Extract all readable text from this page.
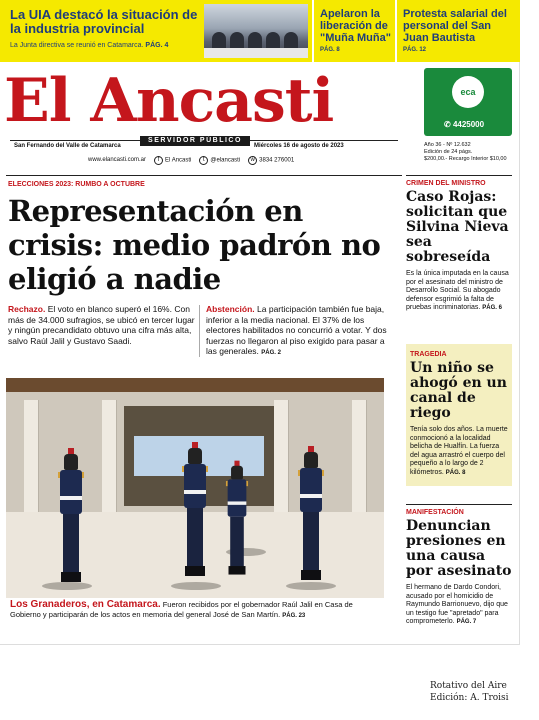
La UIA destacó la situación de la industria provincial
La Junta directiva se reunió en Catamarca. PÁG. 4
Apelaron la liberación de "Muña Muña"
PÁG. 8
Protesta salarial del personal del San Juan Bautista
PÁG. 12
El Ancasti
SERVIDOR PÚBLICO
San Fernando del Valle de Catamarca	Miércoles 16 de agosto de 2023
www.elancasti.com.ar	f El Ancasti	t @elancasti	w 3834 276001
eca
✆ 4425000
Año 36 - Nº 12.632
Edición de 24 págs.
$200,00.- Recargo Interior $10,00
ELECCIONES 2023: RUMBO A OCTUBRE
Representación en crisis: medio padrón no eligió a nadie
Rechazo. El voto en blanco superó el 16%. Con más de 34.000 sufragios, se ubicó en tercer lugar y ningún precandidato obtuvo una cifra más alta, salvo Raúl Jalil y Gustavo Saadi.
Abstención. La participación también fue baja, inferior a la media nacional. El 37% de los electores habilitados no concurrió a votar. Y dos fuerzas no llegaron al piso exigido para pasar a las generales. PÁG. 2
Los Granaderos, en Catamarca. Fueron recibidos por el gobernador Raúl Jalil en Casa de Gobierno y participarán de los actos en memoria del general José de San Martín. PÁG. 23
CRIMEN DEL MINISTRO
Caso Rojas: solicitan que Silvina Nieva sea sobreseída
Es la única imputada en la causa por el asesinato del ministro de Desarrollo Social. Su abogado defensor esgrimió la falta de pruebas incriminatorias. PÁG. 6
TRAGEDIA
Un niño se ahogó en un canal de riego
Tenía solo dos años. La muerte conmocionó a la localidad belicha de Hualfín. La fuerza del agua arrastró el cuerpo del pequeño a lo largo de 2 kilómetros. PÁG. 8
MANIFESTACIÓN
Denuncian presiones en una causa por asesinato
El hermano de Dardo Condori, acusado por el homicidio de Raymundo Barrionuevo, dijo que un testigo fue "apretado" para comprometerlo. PÁG. 7
Rotativo del Aire
Edición: A. Troisi
